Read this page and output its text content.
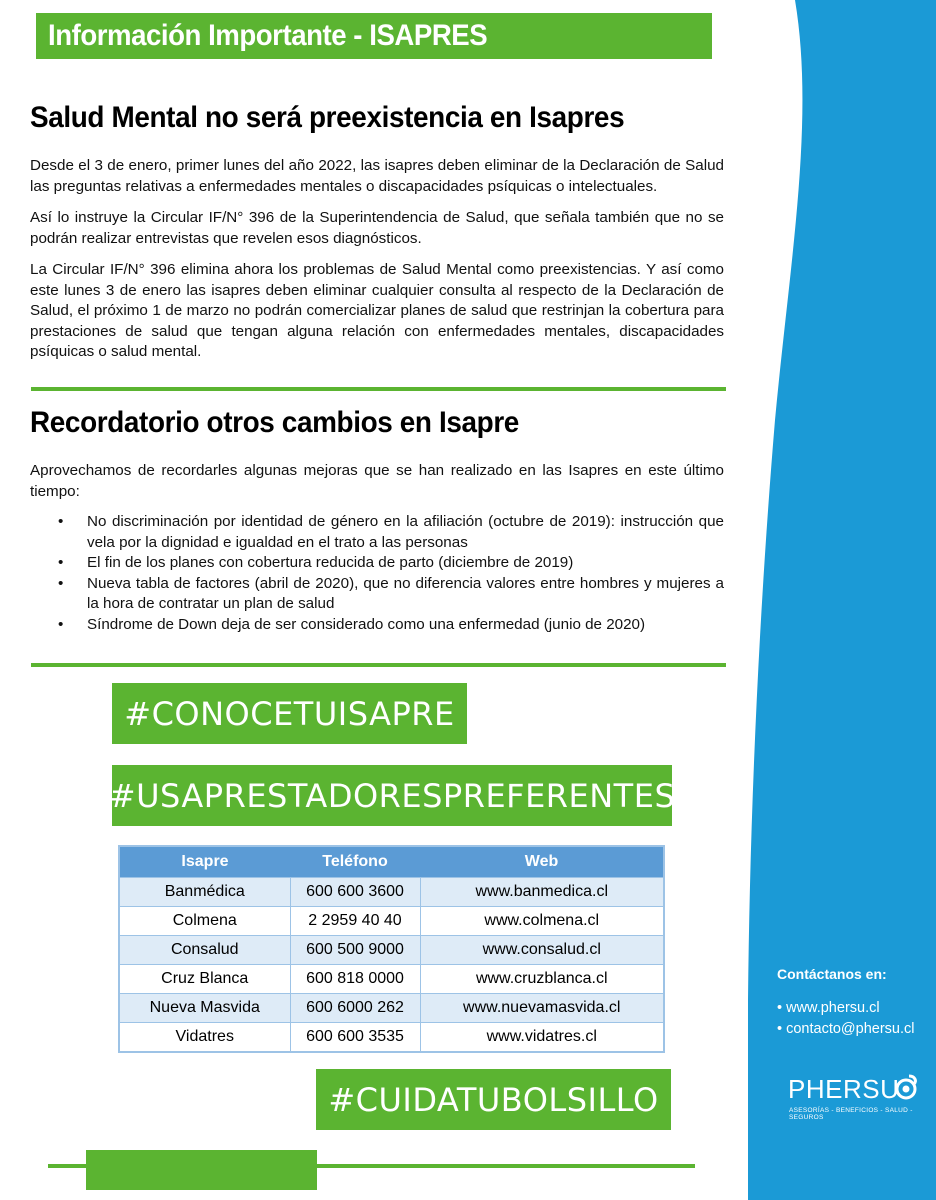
Información Importante - ISAPRES
Salud Mental no será preexistencia en Isapres
Desde el 3 de enero, primer lunes del año 2022, las isapres deben eliminar de la Declaración de Salud las preguntas relativas a enfermedades mentales o discapacidades psíquicas o intelectuales.
Así lo instruye la Circular IF/N° 396 de la Superintendencia de Salud, que señala también que no se podrán realizar entrevistas que revelen esos diagnósticos.
La Circular IF/N° 396 elimina ahora los problemas de Salud Mental como preexistencias. Y así como este lunes 3 de enero las isapres deben eliminar cualquier consulta al respecto de la Declaración de Salud, el próximo 1 de marzo no podrán comercializar planes de salud que restrinjan la cobertura para prestaciones de salud que tengan alguna relación con enfermedades mentales, discapacidades psíquicas o salud mental.
Recordatorio otros cambios en Isapre
Aprovechamos de recordarles algunas mejoras que se han realizado en las Isapres en este último tiempo:
• No discriminación por identidad de género en la afiliación (octubre de 2019): instrucción que vela por la dignidad e igualdad en el trato a las personas
• El fin de los planes con cobertura reducida de parto (diciembre de 2019)
• Nueva tabla de factores (abril de 2020), que no diferencia valores entre hombres y mujeres a la hora de contratar un plan de salud
• Síndrome de Down deja de ser considerado como una enfermedad (junio de 2020)
#CONOCETUISAPRE
#USAPRESTADORESPREFERENTES
Isapre	Teléfono	Web
Banmédica	600 600 3600	www.banmedica.cl
Colmena	2 2959 40 40	www.colmena.cl
Consalud	600 500 9000	www.consalud.cl
Cruz Blanca	600 818 0000	www.cruzblanca.cl
Nueva Masvida	600 6000 262	www.nuevamasvida.cl
Vidatres	600 600 3535	www.vidatres.cl
#CUIDATUBOLSILLO
Contáctanos en:
• www.phersu.cl
• contacto@phersu.cl
PHERSU
ASESORÍAS - BENEFICIOS - SALUD - SEGUROS
